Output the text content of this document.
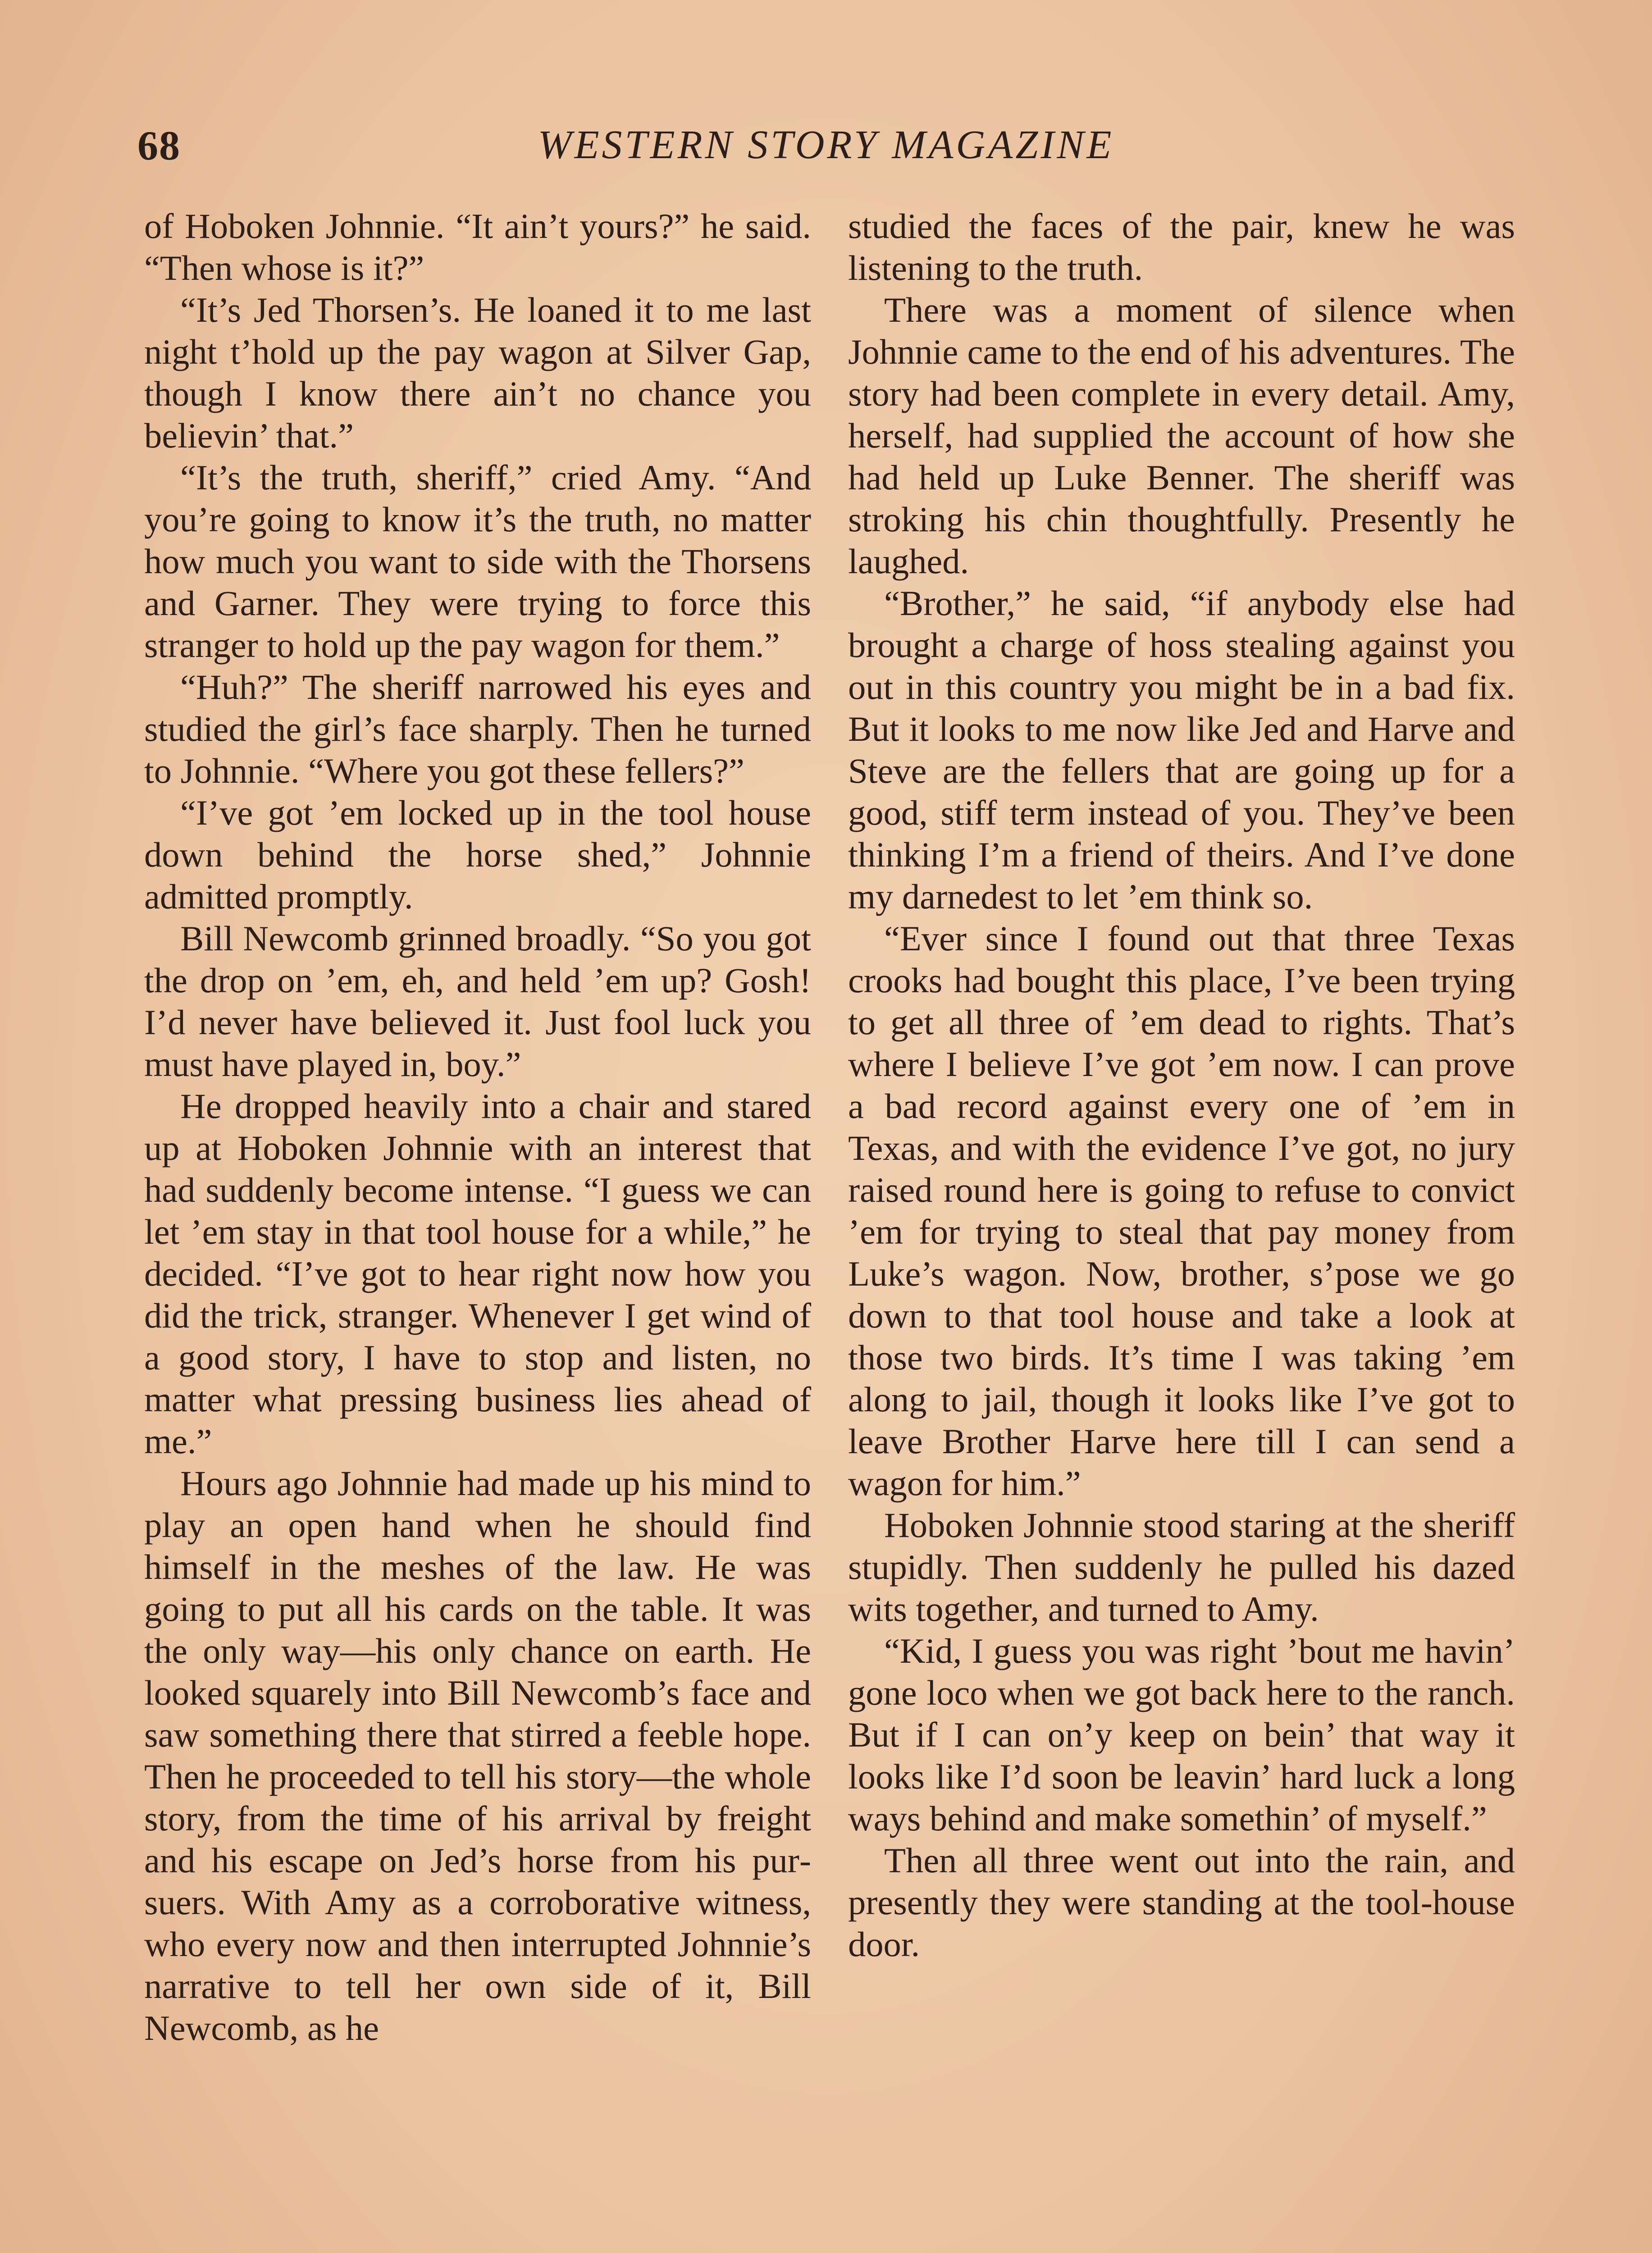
68	WESTERN STORY MAGAZINE

of Hoboken Johnnie. “It ain’t yours?” he said. “Then whose is it?”

“It’s Jed Thorsen’s. He loaned it to me last night t’hold up the pay wagon at Silver Gap, though I know there ain’t no chance you believin’ that.”

“It’s the truth, sheriff,” cried Amy. “And you’re going to know it’s the truth, no matter how much you want to side with the Thorsens and Garner. They were trying to force this stranger to hold up the pay wagon for them.”

“Huh?” The sheriff narrowed his eyes and studied the girl’s face sharply. Then he turned to Johnnie. “Where you got these fellers?”

“I’ve got ’em locked up in the tool house down behind the horse shed,” Johnnie admitted promptly.

Bill Newcomb grinned broadly. “So you got the drop on ’em, eh, and held ’em up? Gosh! I’d never have believed it. Just fool luck you must have played in, boy.”

He dropped heavily into a chair and stared up at Hoboken Johnnie with an interest that had suddenly become intense. “I guess we can let ’em stay in that tool house for a while,” he decided. “I’ve got to hear right now how you did the trick, stranger. Whenever I get wind of a good story, I have to stop and listen, no matter what pressing business lies ahead of me.”

Hours ago Johnnie had made up his mind to play an open hand when he should find himself in the meshes of the law. He was going to put all his cards on the table. It was the only way—his only chance on earth. He looked squarely into Bill Newcomb’s face and saw something there that stirred a feeble hope. Then he proceeded to tell his story—the whole story, from the time of his arrival by freight and his escape on Jed’s horse from his pursuers. With Amy as a corroborative witness, who every now and then interrupted Johnnie’s narrative to tell her own side of it, Bill Newcomb, as he

studied the faces of the pair, knew he was listening to the truth.

There was a moment of silence when Johnnie came to the end of his adventures. The story had been complete in every detail. Amy, herself, had supplied the account of how she had held up Luke Benner. The sheriff was stroking his chin thoughtfully. Presently he laughed.

“Brother,” he said, “if anybody else had brought a charge of hoss stealing against you out in this country you might be in a bad fix. But it looks to me now like Jed and Harve and Steve are the fellers that are going up for a good, stiff term instead of you. They’ve been thinking I’m a friend of theirs. And I’ve done my darnedest to let ’em think so.

“Ever since I found out that three Texas crooks had bought this place, I’ve been trying to get all three of ’em dead to rights. That’s where I believe I’ve got ’em now. I can prove a bad record against every one of ’em in Texas, and with the evidence I’ve got, no jury raised round here is going to refuse to convict ’em for trying to steal that pay money from Luke’s wagon. Now, brother, s’pose we go down to that tool house and take a look at those two birds. It’s time I was taking ’em along to jail, though it looks like I’ve got to leave Brother Harve here till I can send a wagon for him.”

Hoboken Johnnie stood staring at the sheriff stupidly. Then suddenly he pulled his dazed wits together, and turned to Amy.

“Kid, I guess you was right ’bout me havin’ gone loco when we got back here to the ranch. But if I can on’y keep on bein’ that way it looks like I’d soon be leavin’ hard luck a long ways behind and make somethin’ of myself.”

Then all three went out into the rain, and presently they were standing at the tool-house door.
